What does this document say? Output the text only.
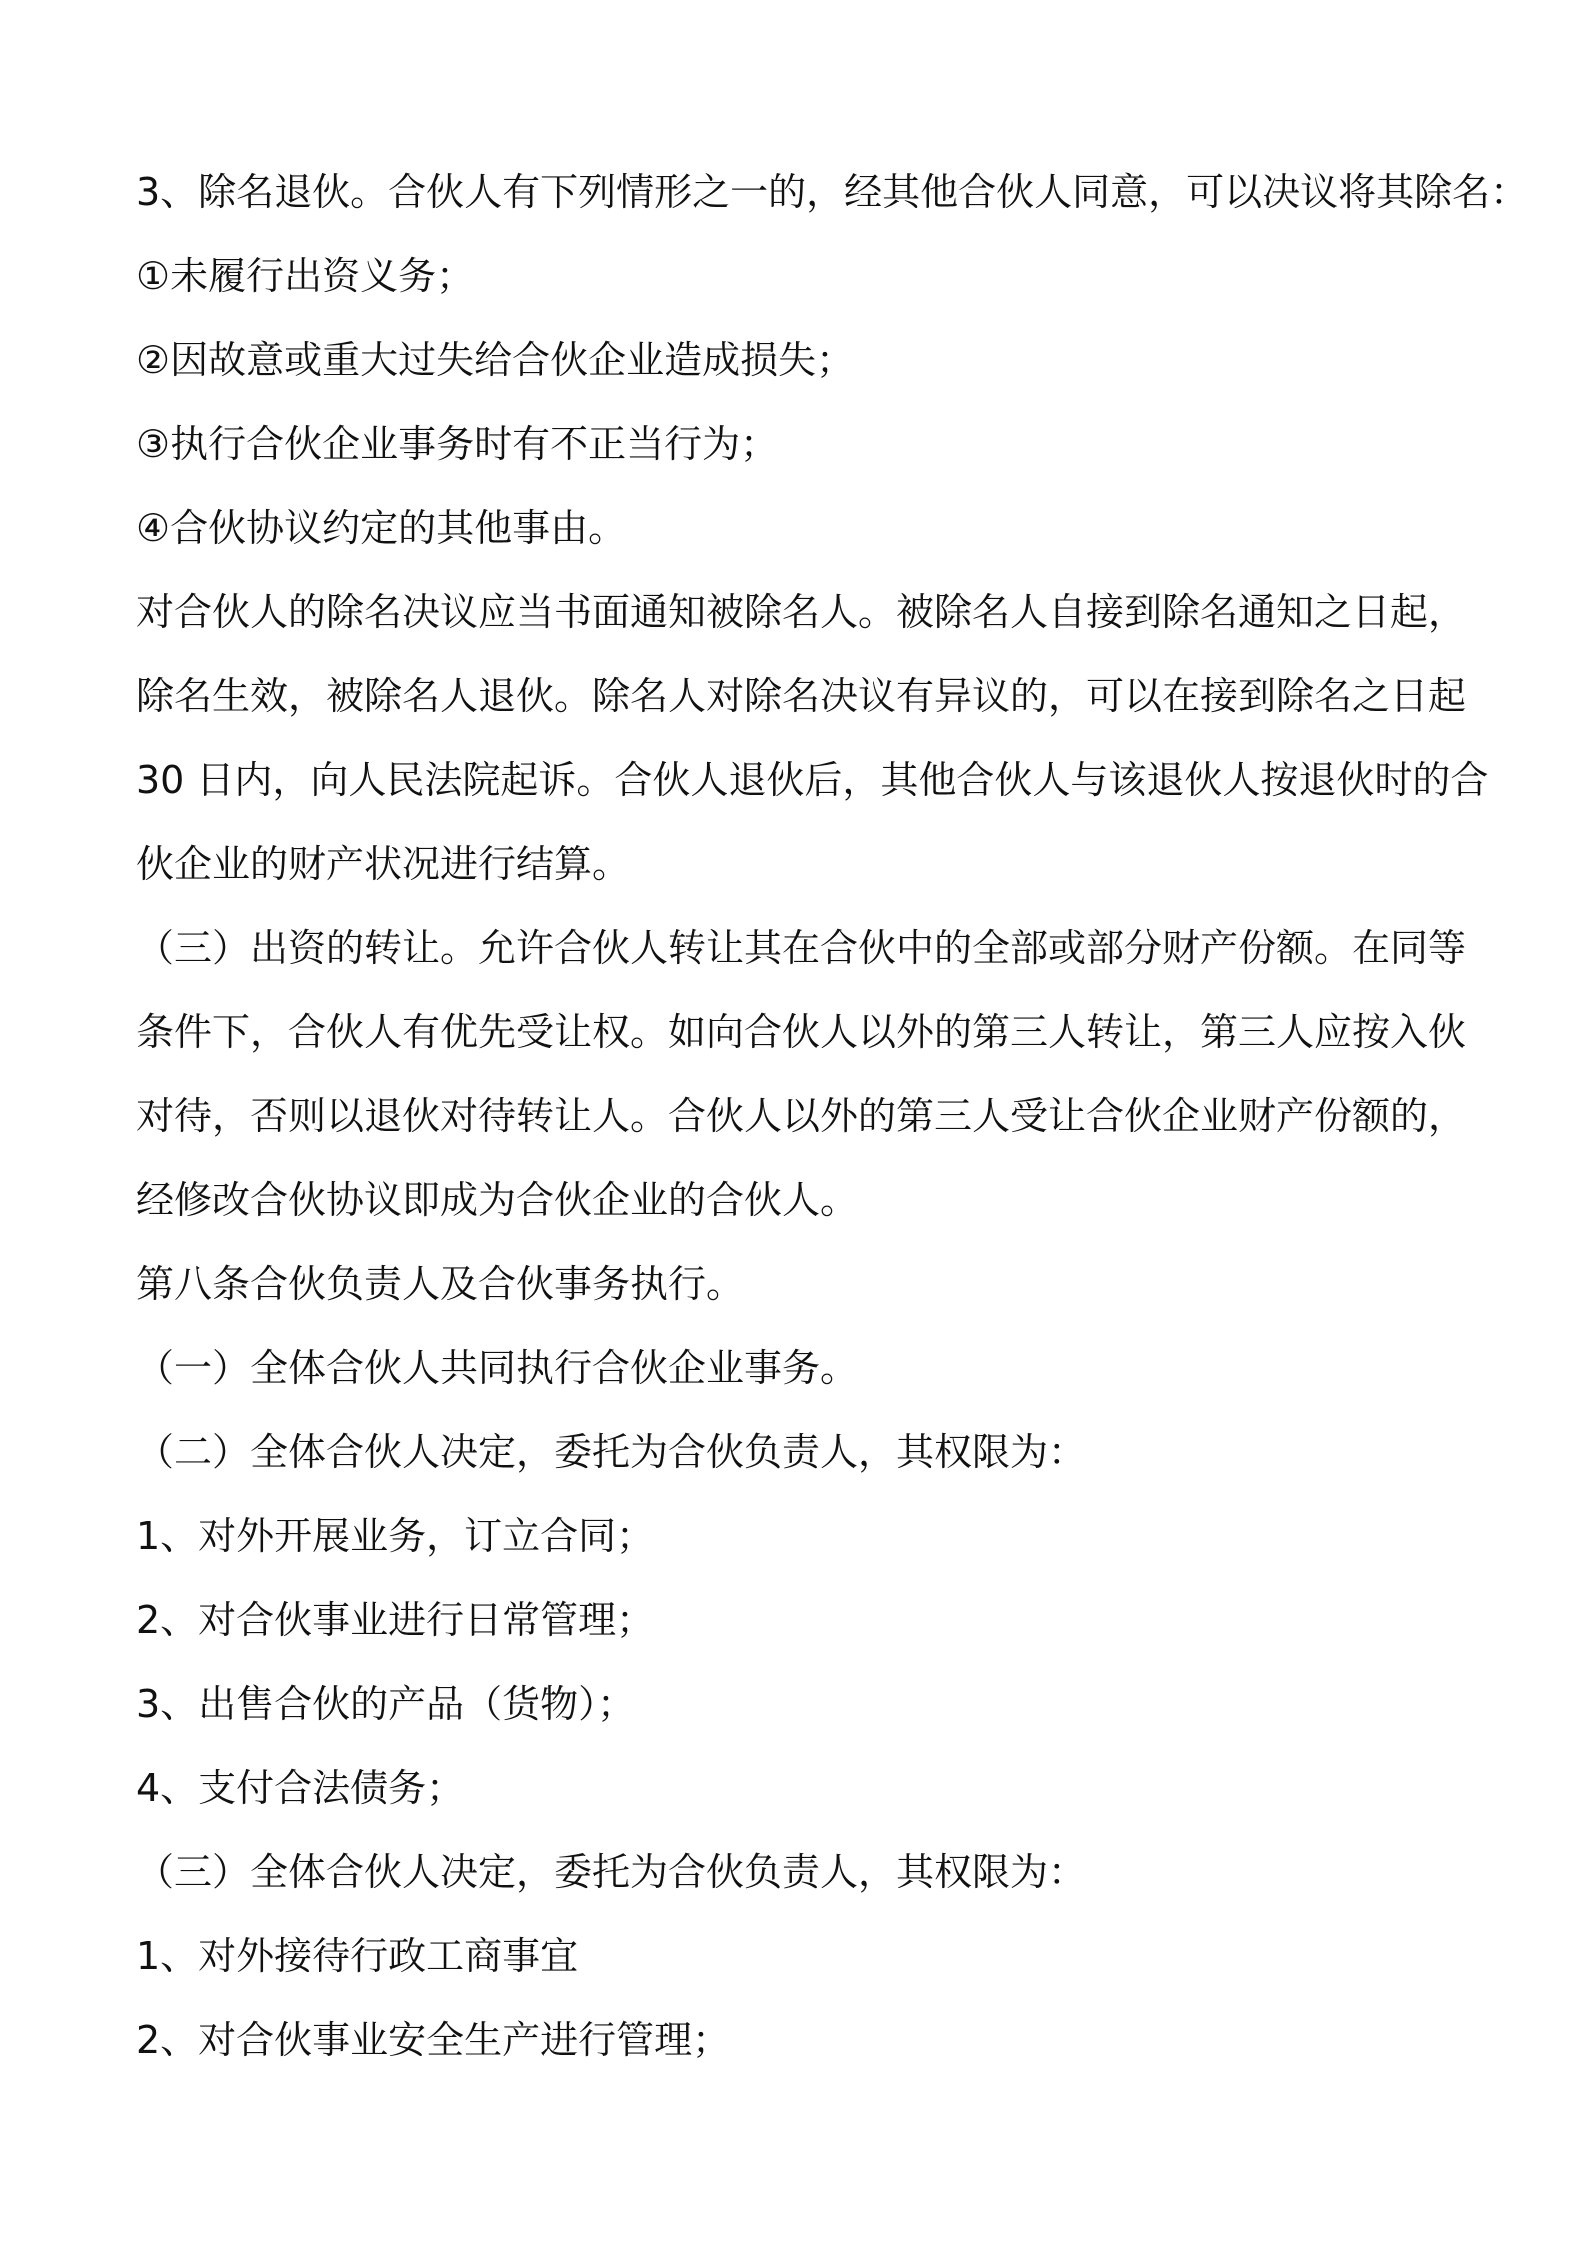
3、除名退伙。合伙人有下列情形之一的，经其他合伙人同意，可以决议将其除名：

①未履行出资义务；

②因故意或重大过失给合伙企业造成损失；

③执行合伙企业事务时有不正当行为；

④合伙协议约定的其他事由。

对合伙人的除名决议应当书面通知被除名人。被除名人自接到除名通知之日起，

除名生效，被除名人退伙。除名人对除名决议有异议的，可以在接到除名之日起

30 日内，向人民法院起诉。合伙人退伙后，其他合伙人与该退伙人按退伙时的合

伙企业的财产状况进行结算。

（三）出资的转让。允许合伙人转让其在合伙中的全部或部分财产份额。在同等

条件下，合伙人有优先受让权。如向合伙人以外的第三人转让，第三人应按入伙

对待，否则以退伙对待转让人。合伙人以外的第三人受让合伙企业财产份额的，

经修改合伙协议即成为合伙企业的合伙人。

第八条合伙负责人及合伙事务执行。

（一）全体合伙人共同执行合伙企业事务。

（二）全体合伙人决定，委托为合伙负责人，其权限为：

1、对外开展业务，订立合同；

2、对合伙事业进行日常管理；

3、出售合伙的产品（货物）；

4、支付合法债务；

（三）全体合伙人决定，委托为合伙负责人，其权限为：

1、对外接待行政工商事宜

2、对合伙事业安全生产进行管理；
